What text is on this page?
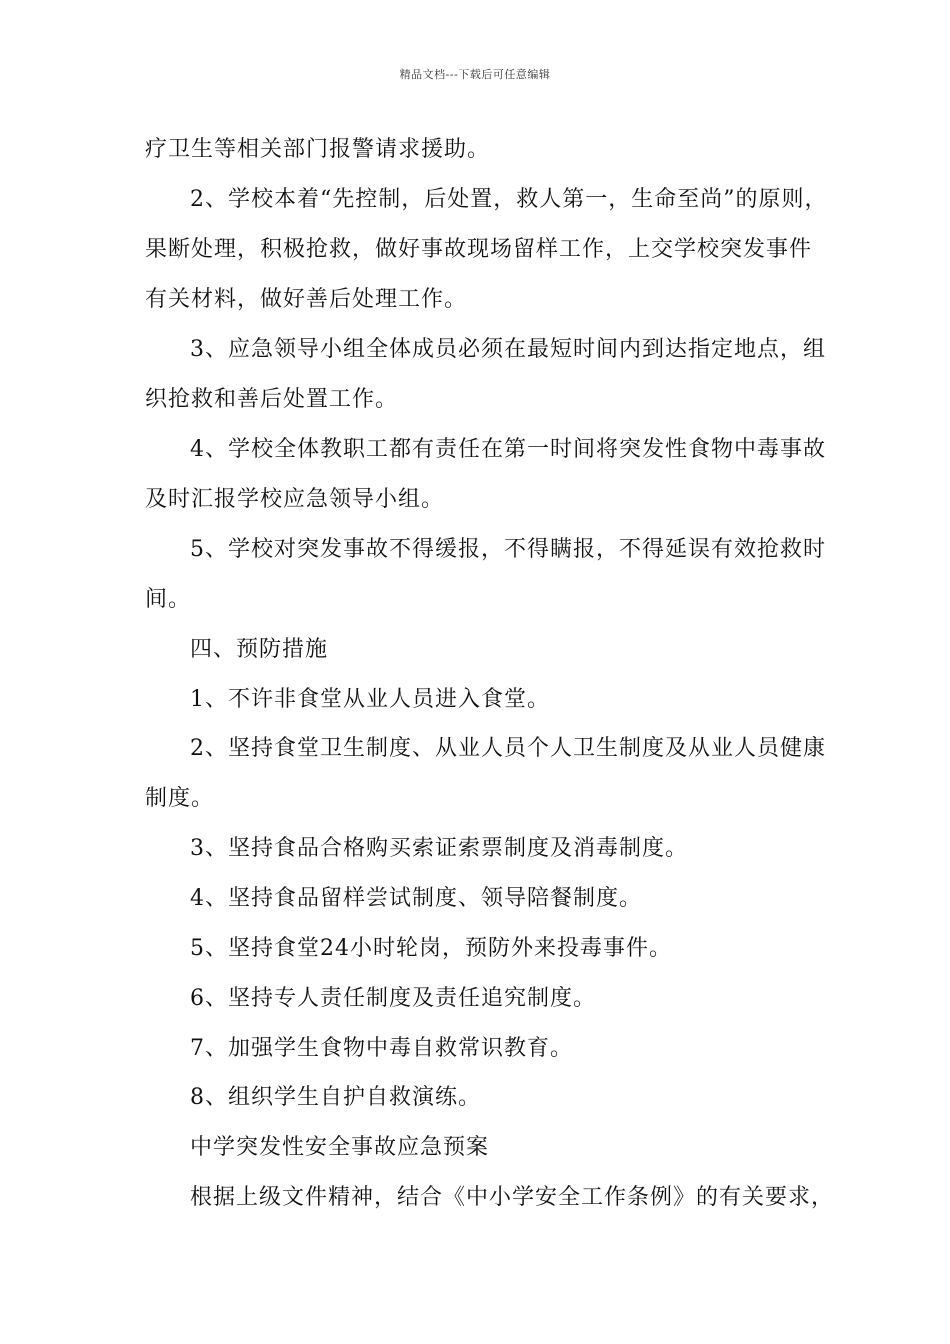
精品文档---下载后可任意编辑
疗卫生等相关部门报警请求援助。
2、学校本着“先控制，后处置，救人第一，生命至尚”的原则，
果断处理，积极抢救，做好事故现场留样工作，上交学校突发事件
有关材料，做好善后处理工作。
3、应急领导小组全体成员必须在最短时间内到达指定地点，组
织抢救和善后处置工作。
4、学校全体教职工都有责任在第一时间将突发性食物中毒事故
及时汇报学校应急领导小组。
5、学校对突发事故不得缓报，不得瞒报，不得延误有效抢救时
间。
四、预防措施
1、不许非食堂从业人员进入食堂。
2、坚持食堂卫生制度、从业人员个人卫生制度及从业人员健康
制度。
3、坚持食品合格购买索证索票制度及消毒制度。
4、坚持食品留样尝试制度、领导陪餐制度。
5、坚持食堂24小时轮岗，预防外来投毒事件。
6、坚持专人责任制度及责任追究制度。
7、加强学生食物中毒自救常识教育。
8、组织学生自护自救演练。
中学突发性安全事故应急预案
根据上级文件精神，结合《中小学安全工作条例》的有关要求，
